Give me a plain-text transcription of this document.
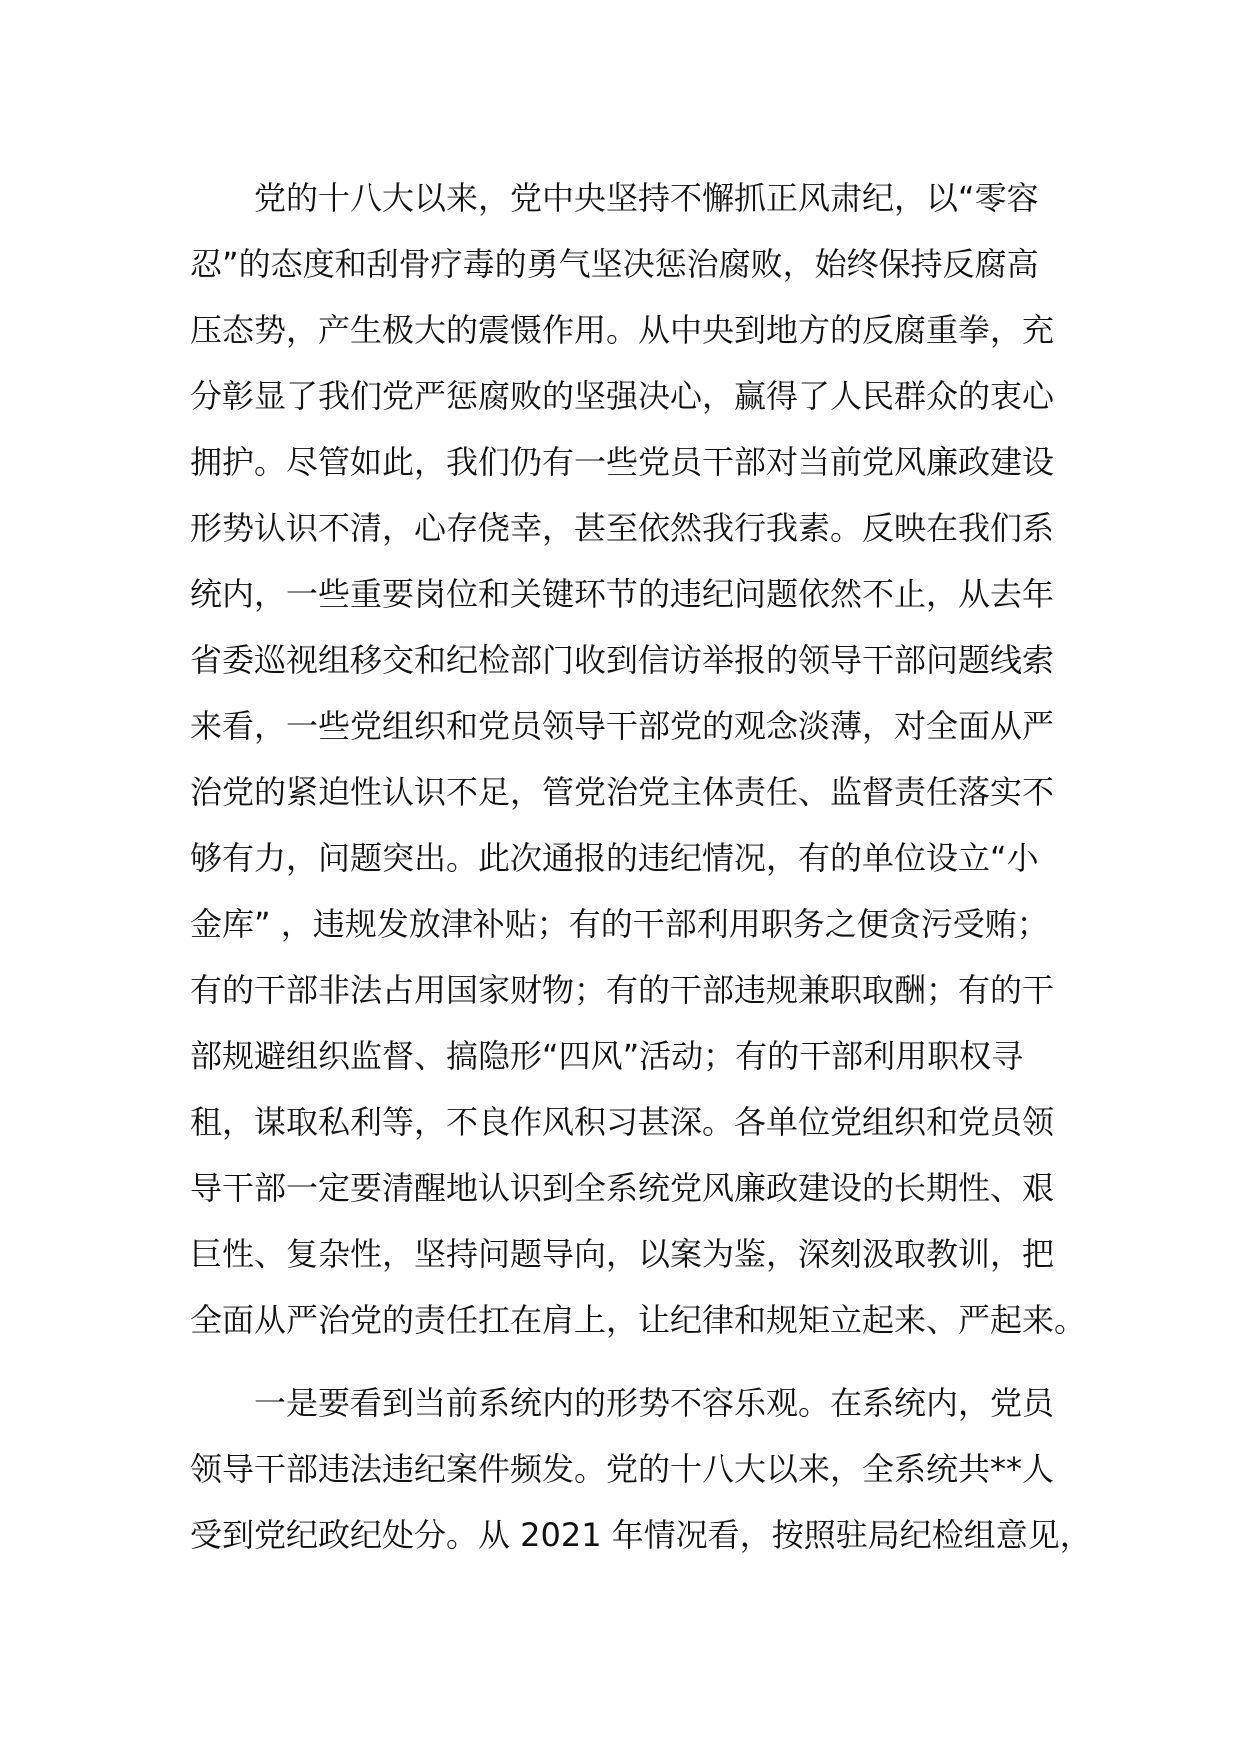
党的十八大以来，党中央坚持不懈抓正风肃纪，以“零容
忍”的态度和刮骨疗毒的勇气坚决惩治腐败，始终保持反腐高
压态势，产生极大的震慑作用。从中央到地方的反腐重拳，充
分彰显了我们党严惩腐败的坚强决心，赢得了人民群众的衷心
拥护。尽管如此，我们仍有一些党员干部对当前党风廉政建设
形势认识不清，心存侥幸，甚至依然我行我素。反映在我们系
统内，一些重要岗位和关键环节的违纪问题依然不止，从去年
省委巡视组移交和纪检部门收到信访举报的领导干部问题线索
来看，一些党组织和党员领导干部党的观念淡薄，对全面从严
治党的紧迫性认识不足，管党治党主体责任、监督责任落实不
够有力，问题突出。此次通报的违纪情况，有的单位设立“小
金库” ，违规发放津补贴；有的干部利用职务之便贪污受贿；
有的干部非法占用国家财物；有的干部违规兼职取酬；有的干
部规避组织监督、搞隐形“四风”活动；有的干部利用职权寻
租，谋取私利等，不良作风积习甚深。各单位党组织和党员领
导干部一定要清醒地认识到全系统党风廉政建设的长期性、艰
巨性、复杂性，坚持问题导向，以案为鉴，深刻汲取教训，把
全面从严治党的责任扛在肩上，让纪律和规矩立起来、严起来。
一是要看到当前系统内的形势不容乐观。在系统内，党员
领导干部违法违纪案件频发。党的十八大以来，全系统共**人
受到党纪政纪处分。从 2021 年情况看，按照驻局纪检组意见，
